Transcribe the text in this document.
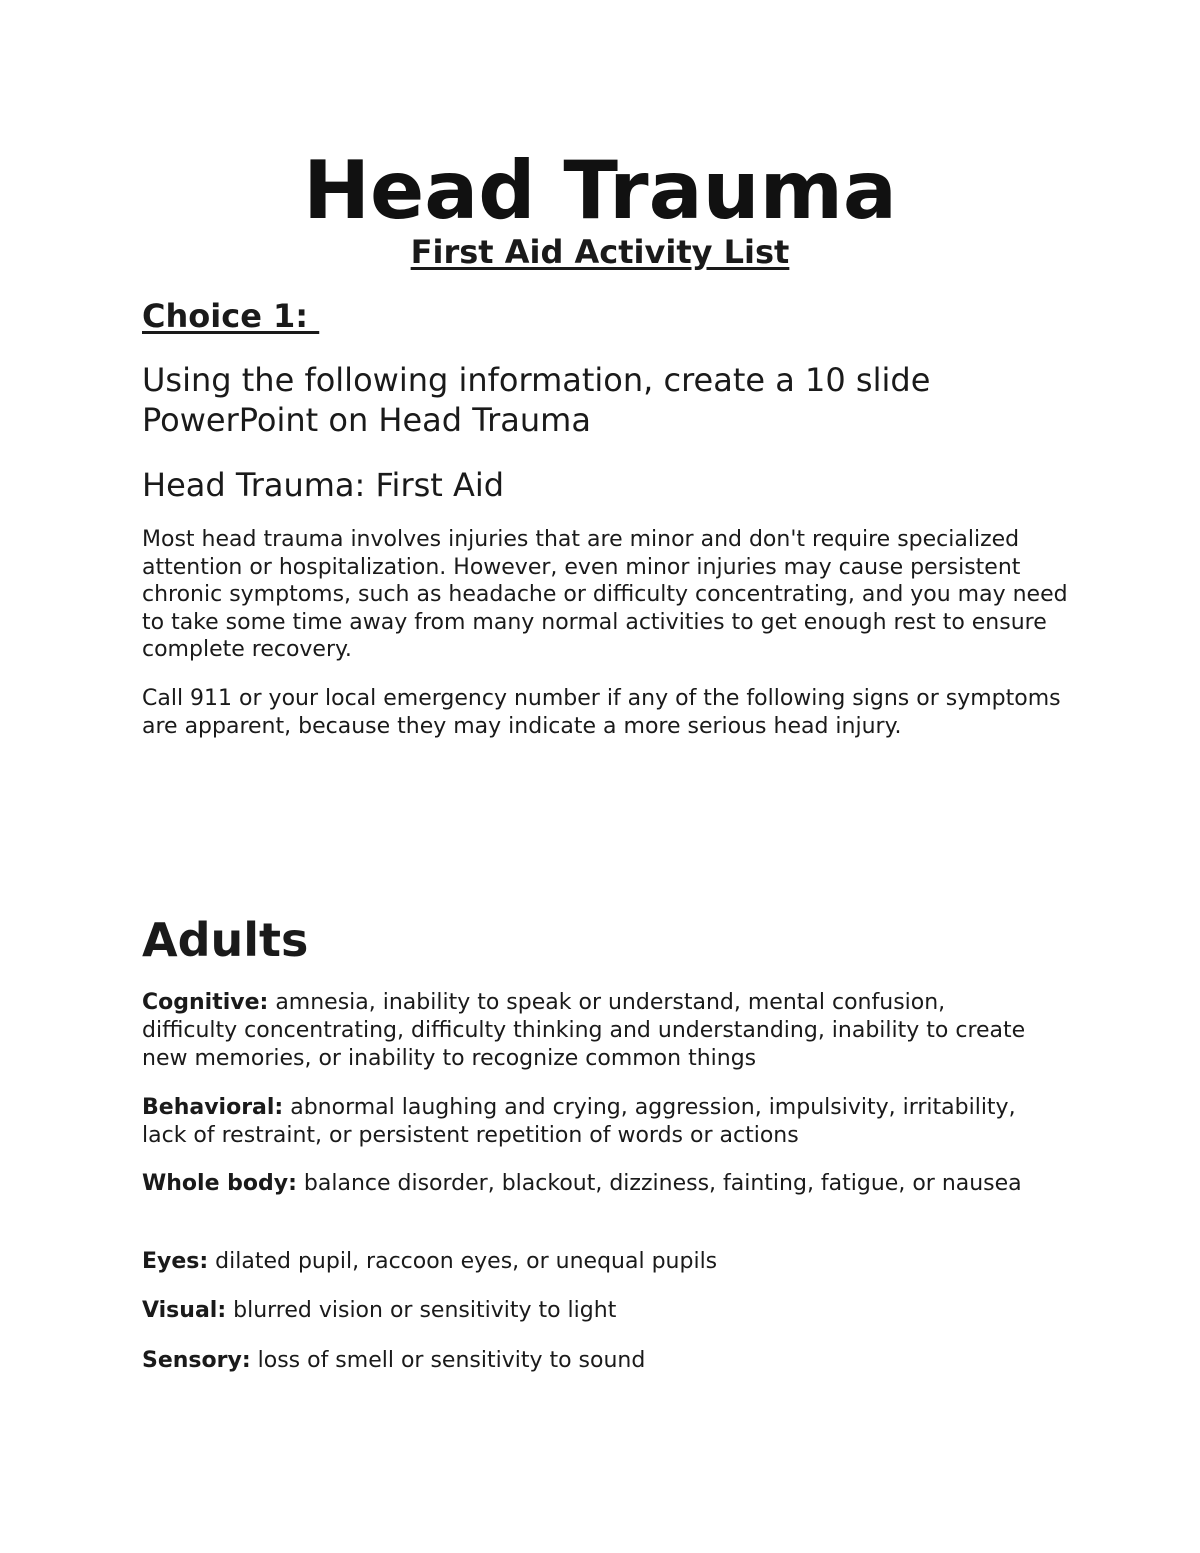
Head Trauma
First Aid Activity List
Choice 1:

Using the following information, create a 10 slide PowerPoint on Head Trauma

Head Trauma: First Aid

Most head trauma involves injuries that are minor and don't require specialized attention or hospitalization. However, even minor injuries may cause persistent chronic symptoms, such as headache or difficulty concentrating, and you may need to take some time away from many normal activities to get enough rest to ensure complete recovery.

Call 911 or your local emergency number if any of the following signs or symptoms are apparent, because they may indicate a more serious head injury.

Adults

Cognitive: amnesia, inability to speak or understand, mental confusion, difficulty concentrating, difficulty thinking and understanding, inability to create new memories, or inability to recognize common things

Behavioral: abnormal laughing and crying, aggression, impulsivity, irritability, lack of restraint, or persistent repetition of words or actions

Whole body: balance disorder, blackout, dizziness, fainting, fatigue, or nausea

Eyes: dilated pupil, raccoon eyes, or unequal pupils

Visual: blurred vision or sensitivity to light

Sensory: loss of smell or sensitivity to sound
